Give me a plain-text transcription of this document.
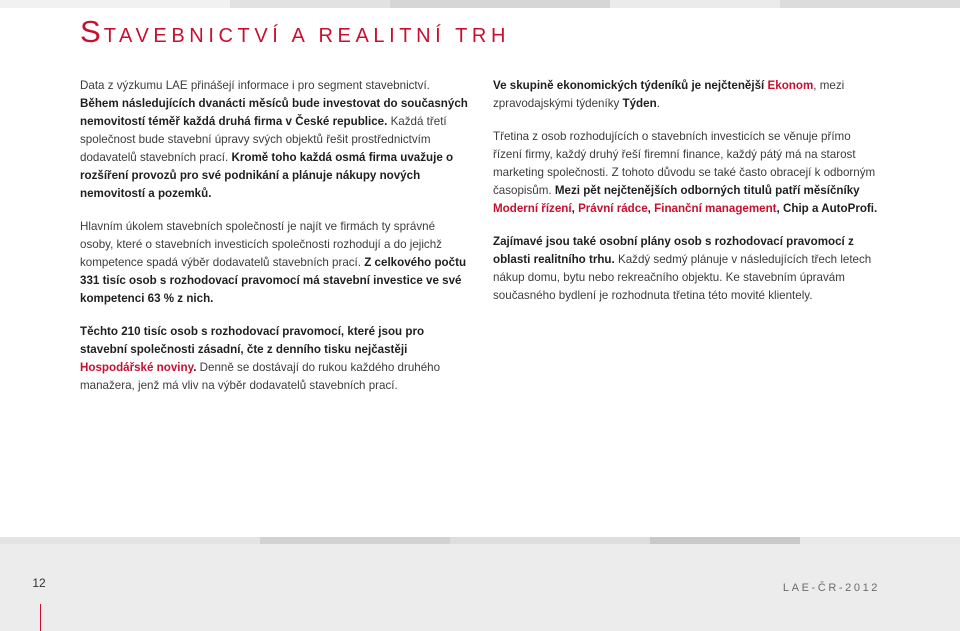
STAVEBNICTVÍ A REALITNÍ TRH

Data z výzkumu LAE přinášejí informace i pro segment stavebnictví. Během následujících dvanácti měsíců bude investovat do současných nemovitostí téměř každá druhá firma v České republice. Každá třetí společnost bude stavební úpravy svých objektů řešit prostřednictvím dodavatelů stavebních prací. Kromě toho každá osmá firma uvažuje o rozšíření provozů pro své podnikání a plánuje nákupy nových nemovitostí a pozemků.

Hlavním úkolem stavebních společností je najít ve firmách ty správné osoby, které o stavebních investicích společnosti rozhodují a do jejichž kompetence spadá výběr dodavatelů stavebních prací. Z celkového počtu 331 tisíc osob s rozhodovací pravomocí má stavební investice ve své kompetenci 63 % z nich.

Těchto 210 tisíc osob s rozhodovací pravomocí, které jsou pro stavební společnosti zásadní, čte z denního tisku nejčastěji Hospodářské noviny. Denně se dostávají do rukou každého druhého manažera, jenž má vliv na výběr dodavatelů stavebních prací.

Ve skupině ekonomických týdeníků je nejčtenější Ekonom, mezi zpravodajskými týdeníky Týden.

Třetina z osob rozhodujících o stavebních investicích se věnuje přímo řízení firmy, každý druhý řeší firemní finance, každý pátý má na starost marketing společnosti. Z tohoto důvodu se také často obracejí k odborným časopisům. Mezi pět nejčtenějších odborných titulů patří měsíčníky Moderní řízení, Právní rádce, Finanční management, Chip a AutoProfi.

Zajímavé jsou také osobní plány osob s rozhodovací pravomocí z oblasti realitního trhu. Každý sedmý plánuje v následujících třech letech nákup domu, bytu nebo rekreačního objektu. Ke stavebním úpravám současného bydlení je rozhodnuta třetina této movité klientely.

12	LAE-ČR-2012
